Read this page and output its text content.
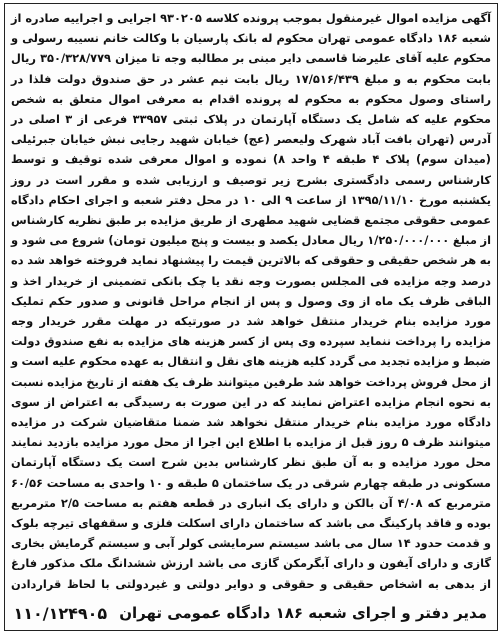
آگهی مزایده اموال غیرمنقول بموجب پرونده کلاسه ۹۳۰۲۰۵ اجرایی و اجراییه صادره از شعبه ۱۸۶ دادگاه عمومی تهران محکوم له بانک پارسیان با وکالت خانم نسیبه رسولی و محکوم علیه آقای علیرضا قاسمی دایر مبنی بر مطالبه وجه تا میزان ۳۵۰/۳۲۸/۷۷۹ ریال بابت محکوم به و مبلغ ۱۷/۵۱۶/۴۳۹ ریال بابت نیم عشر در حق صندوق دولت فلذا در راستای وصول محکوم به محکوم له پرونده اقدام به معرفی اموال متعلق به شخص محکوم علیه که شامل یک دستگاه آپارتمان در پلاک ثبتی ۳۳۹۵۷ فرعی از ۳ اصلی در آدرس (تهران بافت آباد شهرک ولیعصر (عج) خیابان شهید رجایی نبش خیابان جبرئیلی (میدان سوم) پلاک ۴ طبقه ۴ واحد ۸) نموده و اموال معرفی شده توقیف و توسط کارشناس رسمی دادگستری بشرح زیر توصیف و ارزیابی شده و مقرر است در روز یکشنبه مورخ ۱۳۹۵/۱۱/۱۰ از ساعت ۹ الی ۱۰ در محل دفتر شعبه و اجرای احکام دادگاه عمومی حقوقی مجتمع قضایی شهید مطهری از طریق مزایده بر طبق نظریه کارشناس از مبلغ ۱/۲۵۰/۰۰۰/۰۰۰ ریال معادل یکصد و بیست و پنج میلیون تومان) شروع می شود و به هر شخص حقیقی و حقوقی که بالاترین قیمت را پیشنهاد نماید فروخته خواهد شد ده درصد وجه مزایده فی المجلس بصورت وجه نقد یا چک بانکی تضمینی از خریدار اخذ و الباقی ظرف یک ماه از وی وصول و پس از انجام مراحل قانونی و صدور حکم تملیک مورد مزایده بنام خریدار منتقل خواهد شد در صورتیکه در مهلت مقرر خریدار وجه مزایده را پرداخت ننماید سپرده وی پس از کسر هزینه های مزایده به نفع صندوق دولت ضبط و مزایده تجدید می گردد کلیه هزینه های نقل و انتقال به عهده محکوم علیه است و از محل فروش پرداخت خواهد شد طرفین میتوانند ظرف یک هفته از تاریخ مزایده نسبت به نحوه انجام مزایده اعتراض نمایند که در این صورت به رسیدگی به اعتراض از سوی دادگاه مورد مزایده بنام خریدار منتقل نخواهد شد ضمنا متقاضیان شرکت در مزایده میتوانند ظرف ۵ روز قبل از مزایده با اطلاع این اجرا از محل مورد مزایده بازدید نمایند محل مورد مزایده و به آن طبق نظر کارشناس بدین شرح است یک دستگاه آپارتمان مسکونی در طبقه چهارم شرقی در یک ساختمان ۵ طبقه و ۱۰ واحدی به مساحت ۶۰/۵۶ مترمربع که ۴/۰۸ آن بالکن و دارای یک انباری در قطعه هفتم به مساحت ۲/۵ مترمربع بوده و فاقد پارکینگ می باشد که ساختمان دارای اسکلت فلزی و سقفهای تیرچه بلوک و قدمت حدود ۱۴ سال می باشد سیستم سرمایشی کولر آبی و سیستم گرمایش بخاری گازی و دارای آیفون و دارای آبگرمکن گازی می باشد ارزش ششدانگ ملک مذکور فارغ از بدهی به اشخاص حقیقی و حقوقی و دوایر دولتی و غیردولتی با لحاظ قراردادن

مدیر دفتر و اجرای شعبه ۱۸۶ دادگاه عمومی تهران
۱۱۰/۱۲۴۹۰۵
